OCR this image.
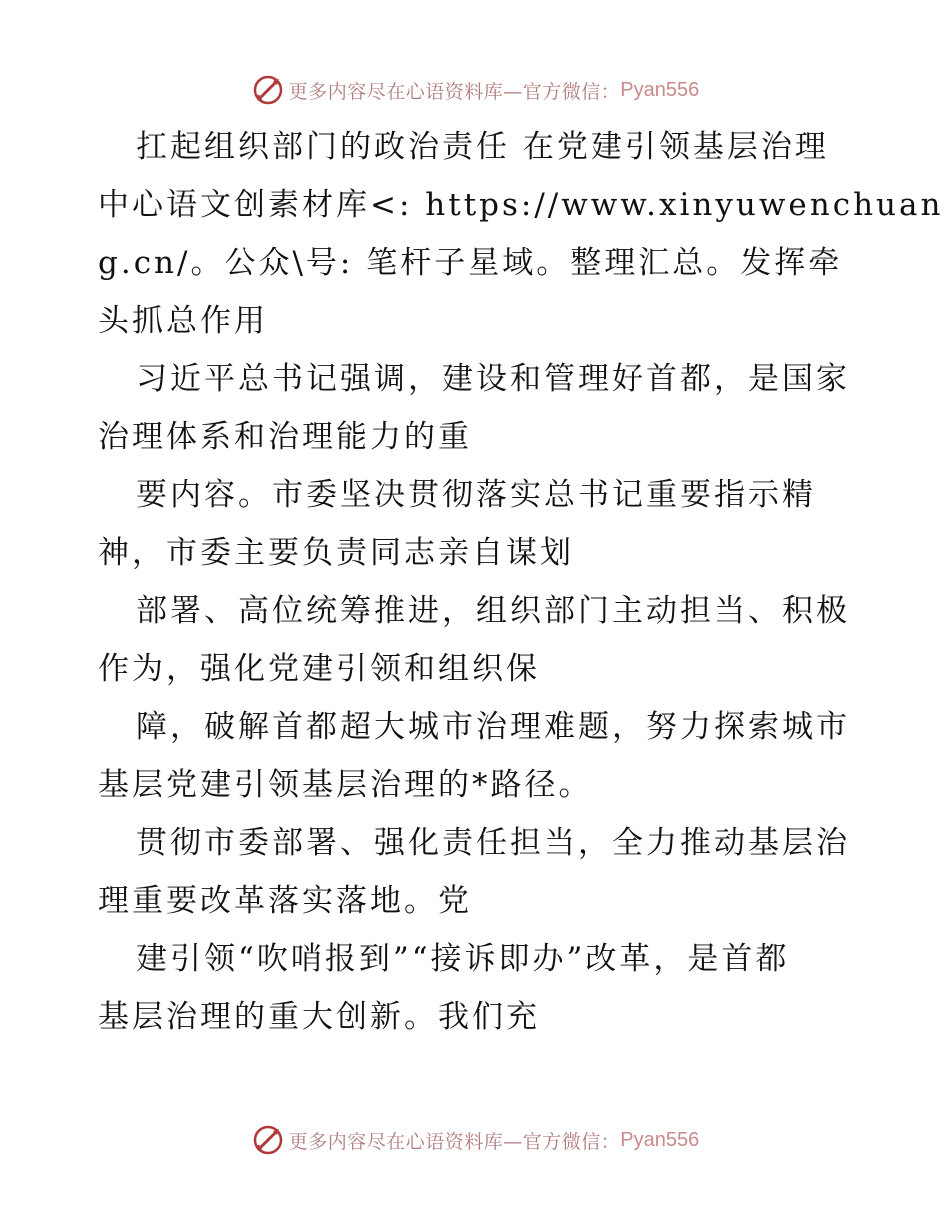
更多内容尽在心语资料库—官方微信： Pyan556
扛起组织部门的政治责任 在党建引领基层治理
中心语文创素材库<: https://www.xinyuwenchuan
g.cn/。公众\号: 笔杆子星域。整理汇总。发挥牵
头抓总作用
习近平总书记强调，建设和管理好首都，是国家
治理体系和治理能力的重
要内容。市委坚决贯彻落实总书记重要指示精
神，市委主要负责同志亲自谋划
部署、高位统筹推进，组织部门主动担当、积极
作为，强化党建引领和组织保
障，破解首都超大城市治理难题，努力探索城市
基层党建引领基层治理的*路径。
贯彻市委部署、强化责任担当，全力推动基层治
理重要改革落实落地。党
建引领“吹哨报到”“接诉即办”改革，是首都
基层治理的重大创新。我们充
更多内容尽在心语资料库—官方微信： Pyan556
